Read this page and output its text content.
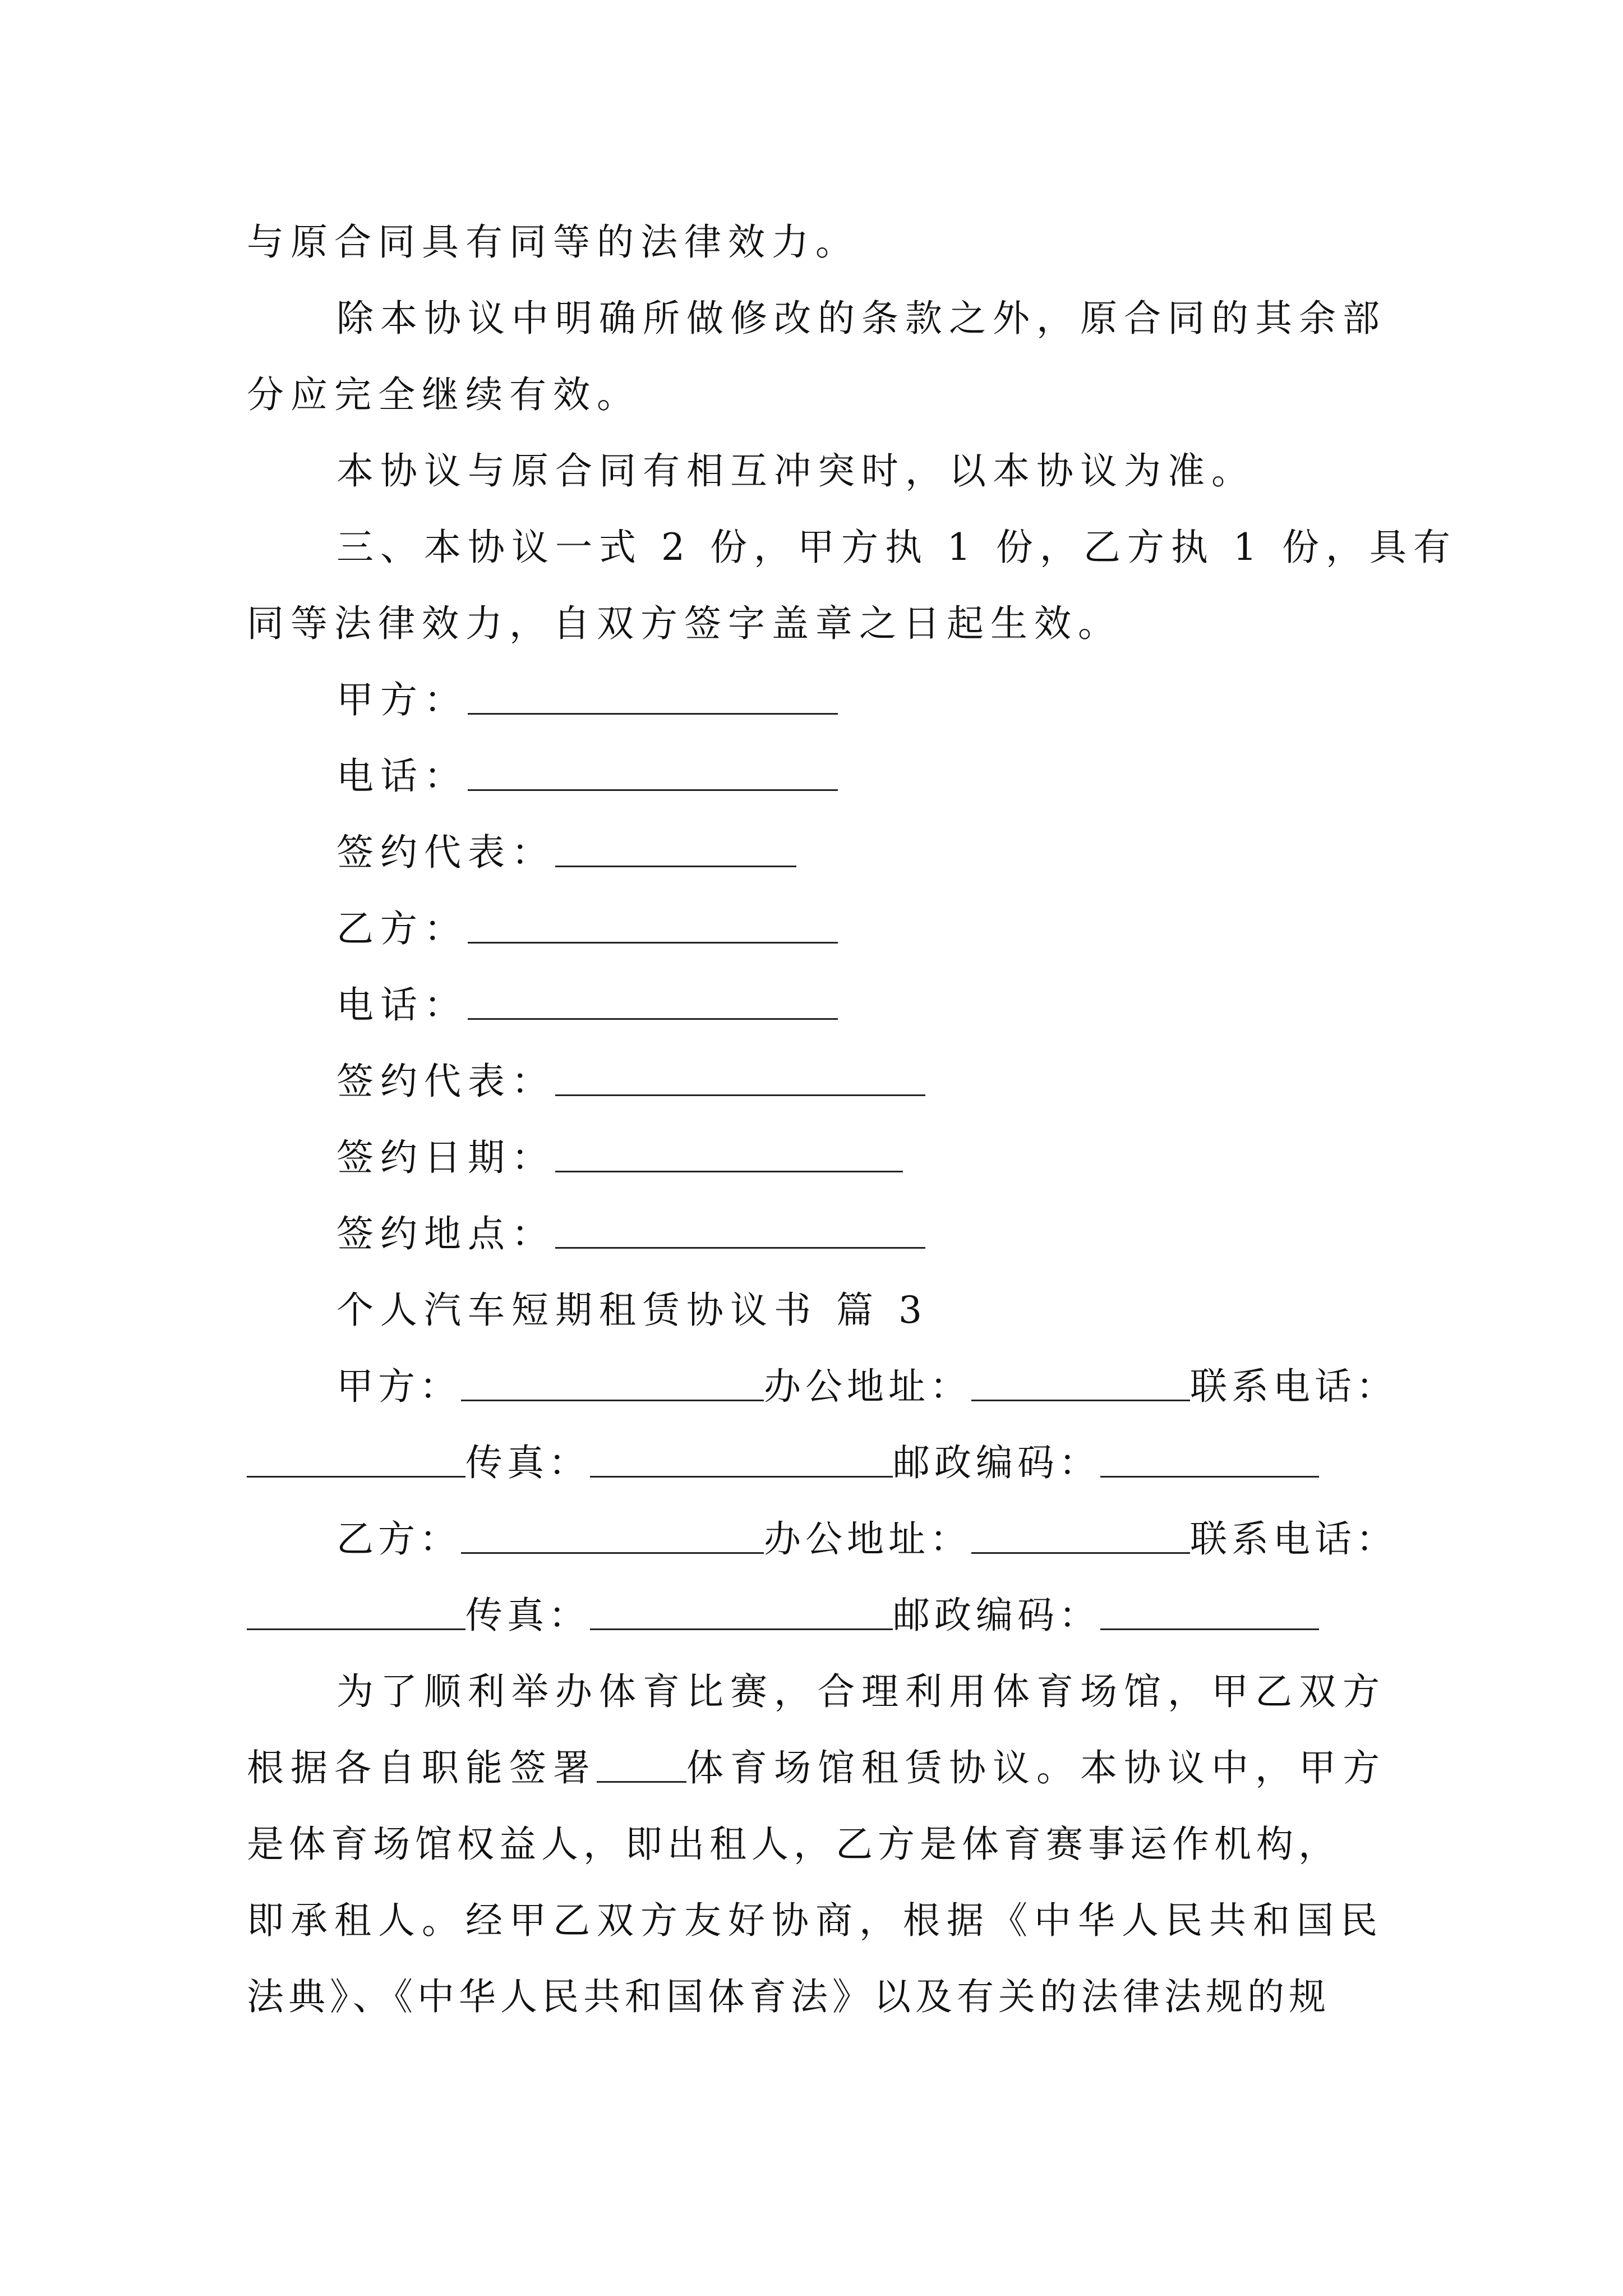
与原合同具有同等的法律效力。
除本协议中明确所做修改的条款之外，原合同的其余部
分应完全继续有效。
本协议与原合同有相互冲突时，以本协议为准。
三、本协议一式 2 份，甲方执 1 份，乙方执 1 份，具有
同等法律效力，自双方签字盖章之日起生效。
甲方：
电话：
签约代表：
乙方：
电话：
签约代表：
签约日期：
签约地点：
个人汽车短期租赁协议书 篇 3
甲方：	办公地址：	联系电话：
传真：	邮政编码：
乙方：	办公地址：	联系电话：
传真：	邮政编码：
为了顺利举办体育比赛，合理利用体育场馆，甲乙双方
根据各自职能签署 体育场馆租赁协议。本协议中，甲方
是体育场馆权益人，即出租人，乙方是体育赛事运作机构，
即承租人。经甲乙双方友好协商，根据《中华人民共和国民
法典》、《中华人民共和国体育法》以及有关的法律法规的规
